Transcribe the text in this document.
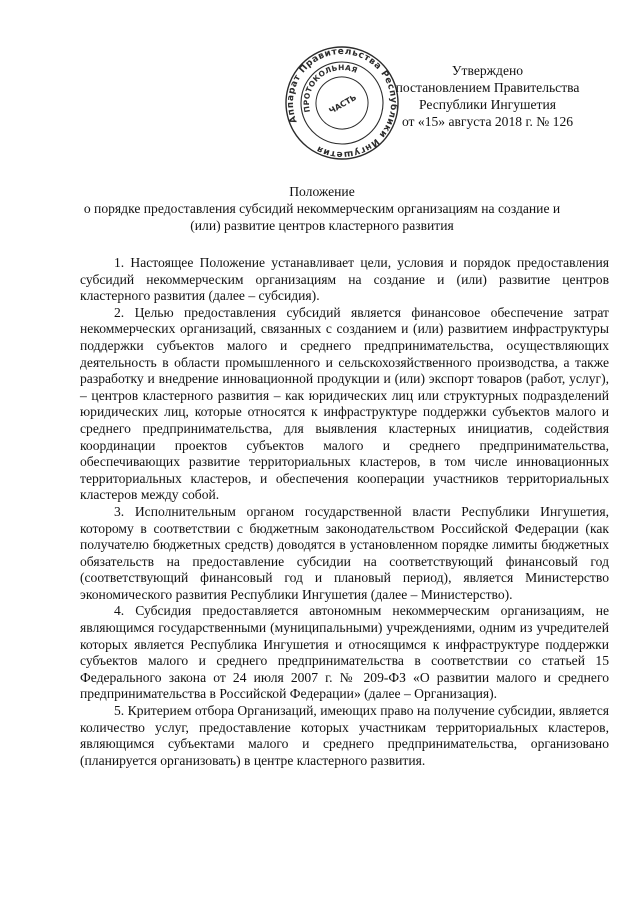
Аппарат Правительства Республики Ингушетия
ПРОТОКОЛЬНАЯ
ЧАСТЬ
Утверждено
постановлением Правительства
Республики Ингушетия
от «15» августа 2018 г. № 126
Положение
о порядке предоставления субсидий некоммерческим организациям на создание и
(или) развитие центров кластерного развития

1. Настоящее Положение устанавливает цели, условия и порядок предоставления субсидий некоммерческим организациям на создание и (или) развитие центров кластерного развития (далее – субсидия).

2. Целью предоставления субсидий является финансовое обеспечение затрат некоммерческих организаций, связанных с созданием и (или) развитием инфраструктуры поддержки субъектов малого и среднего предпринимательства, осуществляющих деятельность в области промышленного и сельскохозяйственного производства, а также разработку и внедрение инновационной продукции и (или) экспорт товаров (работ, услуг), – центров кластерного развития – как юридических лиц или структурных подразделений юридических лиц, которые относятся к инфраструктуре поддержки субъектов малого и среднего предпринимательства, для выявления кластерных инициатив, содействия координации проектов субъектов малого и среднего предпринимательства, обеспечивающих развитие территориальных кластеров, в том числе инновационных территориальных кластеров, и обеспечения кооперации участников территориальных кластеров между собой.

3. Исполнительным органом государственной власти Республики Ингушетия, которому в соответствии с бюджетным законодательством Российской Федерации (как получателю бюджетных средств) доводятся в установленном порядке лимиты бюджетных обязательств на предоставление субсидии на соответствующий финансовый год (соответствующий финансовый год и плановый период), является Министерство экономического развития Республики Ингушетия (далее – Министерство).

4. Субсидия предоставляется автономным некоммерческим организациям, не являющимся государственными (муниципальными) учреждениями, одним из учредителей которых является Республика Ингушетия и относящимся к инфраструктуре поддержки субъектов малого и среднего предпринимательства в соответствии со статьей 15 Федерального закона от 24 июля 2007 г. № 209-ФЗ «О развитии малого и среднего предпринимательства в Российской Федерации» (далее – Организация).

5. Критерием отбора Организаций, имеющих право на получение субсидии, является количество услуг, предоставление которых участникам территориальных кластеров, являющимся субъектами малого и среднего предпринимательства, организовано (планируется организовать) в центре кластерного развития.
